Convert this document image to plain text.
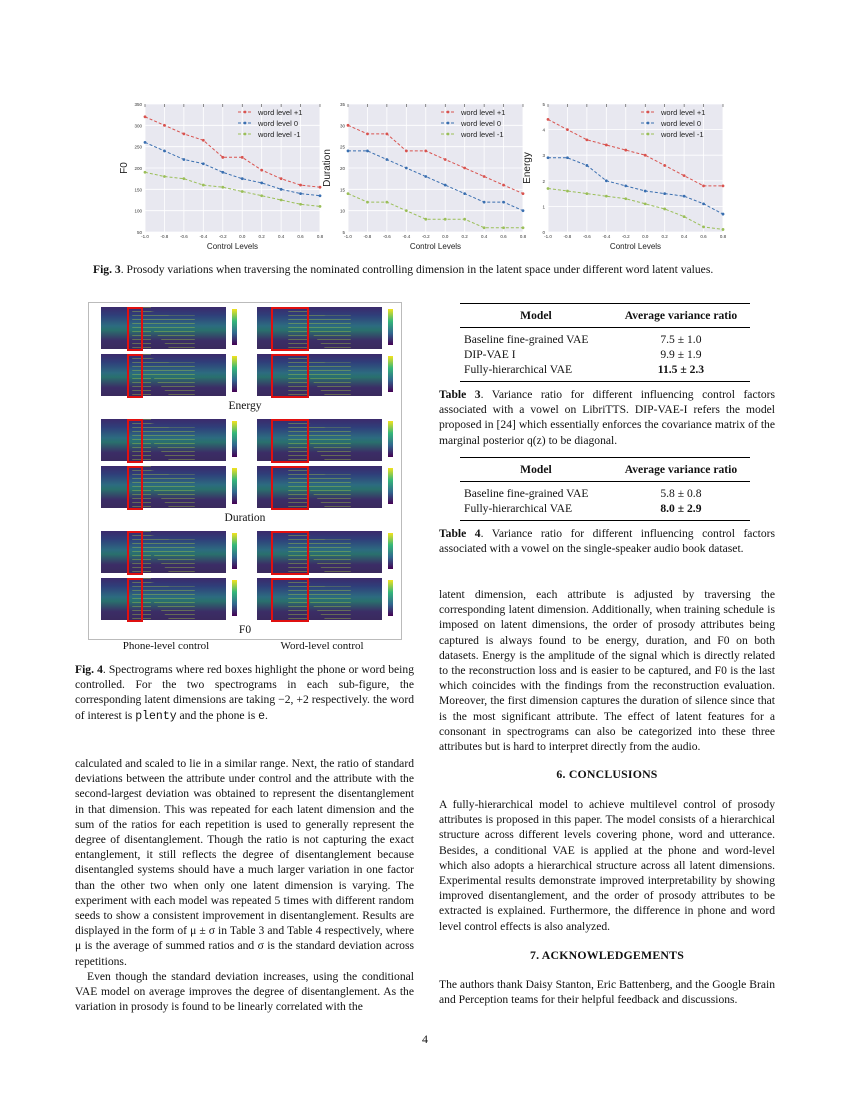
50
100
150
200
250
300
350
-1.0	-0.8	-0.6	-0.4	-0.2	0.0	0.2	0.4	0.6	0.8
word level +1
word level 0
word level -1
Control Levels
F0
5
10
15
20
25
30
35
-1.0	-0.8	-0.6	-0.4	-0.2	0.0	0.2	0.4	0.6	0.8
word level +1
word level 0
word level -1
Control Levels
Duration
0
1
2
3
4
5
-1.0	-0.8	-0.6	-0.4	-0.2	0.0	0.2	0.4	0.6	0.8
word level +1
word level 0
word level -1
Control Levels
Energy
Fig. 3. Prosody variations when traversing the nominated controlling dimension in the latent space under different word latent values.
Energy
Duration
F0
Phone-level control	Word-level control
Fig. 4. Spectrograms where red boxes highlight the phone or word being controlled. For the two spectrograms in each sub-figure, the corresponding latent dimensions are taking −2, +2 respectively. the word of interest is plenty and the phone is e.

calculated and scaled to lie in a similar range. Next, the ratio of standard deviations between the attribute under control and the attribute with the second-largest deviation was obtained to represent the disentanglement in that dimension. This was repeated for each latent dimension and the sum of the ratios for each repetition is used to generally represent the degree of disentanglement. Though the ratio is not capturing the exact entanglement, it still reflects the degree of disentanglement because disentangled systems should have a much larger variation in one factor than the other two when only one latent dimension is varying. The experiment with each model was repeated 5 times with different random seeds to show a consistent improvement in disentanglement. Results are displayed in the form of μ ± σ in Table 3 and Table 4 respectively, where μ is the average of summed ratios and σ is the standard deviation across repetitions.

Even though the standard deviation increases, using the conditional VAE model on average improves the degree of disentanglement. As the variation in prosody is found to be linearly correlated with the

Model	Average variance ratio
Baseline fine-grained VAE	7.5 ± 1.0
DIP-VAE I	9.9 ± 1.9
Fully-hierarchical VAE	11.5 ± 2.3
Table 3. Variance ratio for different influencing control factors associated with a vowel on LibriTTS. DIP-VAE-I refers the model proposed in [24] which essentially enforces the covariance matrix of the marginal posterior q(z) to be diagonal.
Model	Average variance ratio
Baseline fine-grained VAE	5.8 ± 0.8
Fully-hierarchical VAE	8.0 ± 2.9
Table 4. Variance ratio for different influencing control factors associated with a vowel on the single-speaker audio book dataset.

latent dimension, each attribute is adjusted by traversing the corresponding latent dimension. Additionally, when training schedule is imposed on latent dimensions, the order of prosody attributes being captured is always found to be energy, duration, and F0 on both datasets. Energy is the amplitude of the signal which is directly related to the reconstruction loss and is easier to be captured, and F0 is the last which coincides with the findings from the reconstruction evaluation. Moreover, the first dimension captures the duration of silence since that is the most significant attribute. The effect of latent features for a consonant in spectrograms can also be categorized into these three attributes but is hard to interpret directly from the audio.

6. CONCLUSIONS

A fully-hierarchical model to achieve multilevel control of prosody attributes is proposed in this paper. The model consists of a hierarchical structure across different levels covering phone, word and utterance. Besides, a conditional VAE is applied at the phone and word-level which also adopts a hierarchical structure across all latent dimensions. Experimental results demonstrate improved interpretability by showing improved disentanglement, and the order of prosody attributes to be extracted is explained. Furthermore, the difference in phone and word level control effects is also analyzed.

7. ACKNOWLEDGEMENTS

The authors thank Daisy Stanton, Eric Battenberg, and the Google Brain and Perception teams for their helpful feedback and discussions.

4
